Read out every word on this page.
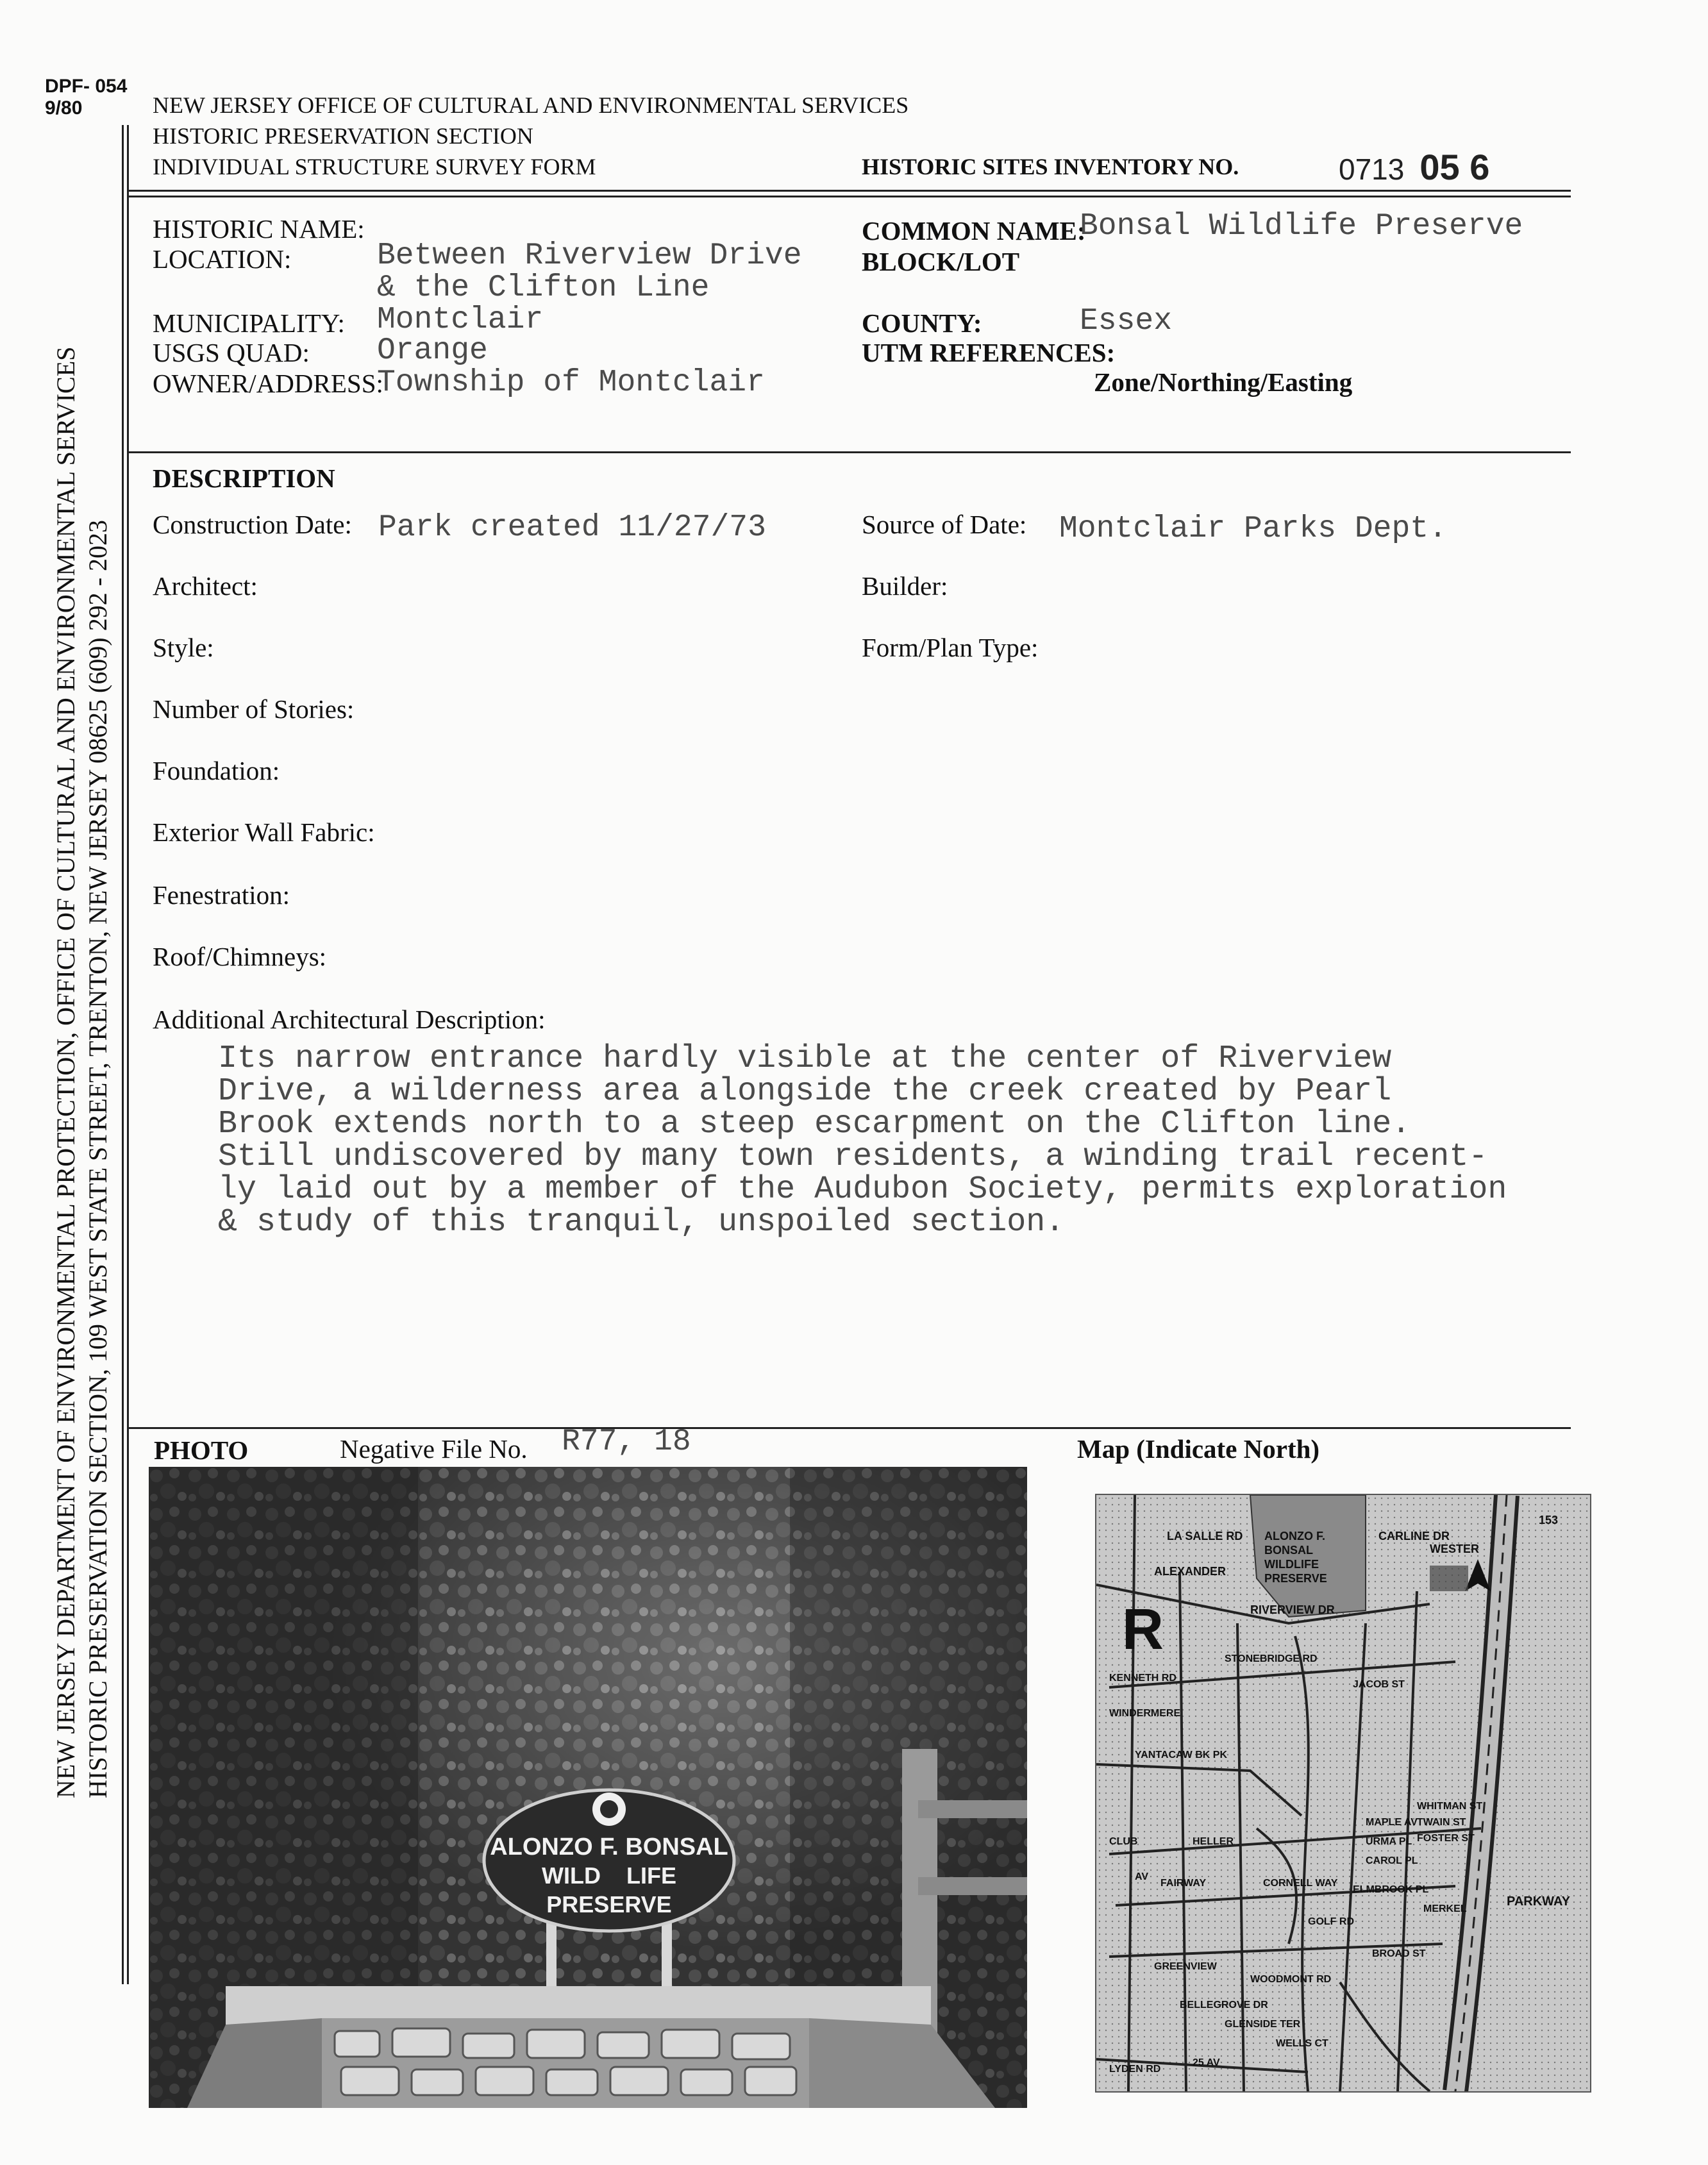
DPF- 054
9/80
NEW JERSEY DEPARTMENT OF ENVIRONMENTAL PROTECTION, OFFICE OF CULTURAL AND ENVIRONMENTAL SERVICES HISTORIC PRESERVATION SECTION, 109 WEST STATE STREET, TRENTON, NEW JERSEY 08625 (609) 292 - 2023
NEW JERSEY OFFICE OF CULTURAL AND ENVIRONMENTAL SERVICES
HISTORIC PRESERVATION SECTION
INDIVIDUAL STRUCTURE SURVEY FORM	HISTORIC SITES INVENTORY NO.	0713 05 6
HISTORIC NAME:
LOCATION:	Between Riverview Drive
& the Clifton Line
MUNICIPALITY: Montclair
USGS QUAD: Orange
OWNER/ADDRESS:
Township of Montclair
COMMON NAME:
Bonsal Wildlife Preserve
BLOCK/LOT
COUNTY:	Essex
UTM REFERENCES:
Zone/Northing/Easting
DESCRIPTION
Construction Date: Park created 11/27/73	Source of Date: Montclair Parks Dept.
Architect:	Builder:
Style:	Form/Plan Type:
Number of Stories:
Foundation:
Exterior Wall Fabric:
Fenestration:
Roof/Chimneys:
Additional Architectural Description:

Its narrow entrance hardly visible at the center of Riverview

Drive, a wilderness area alongside the creek created by Pearl

Brook extends north to a steep escarpment on the Clifton line.

Still undiscovered by many town residents, a winding trail recent-

ly laid out by a member of the Audubon Society, permits exploration

& study of this tranquil, unspoiled section.

PHOTO	Negative File No. R77, 18
ALONZO F. BONSAL
WILD    LIFE
PRESERVE
Map (Indicate North)
ALONZO F.
BONSAL
WILDLIFE
PRESERVE
R
LA SALLE RD
ALEXANDER
RIVERVIEW DR
CARLINE DR
WESTER
KENNETH RD
WINDERMERE
YANTACAW BK PK
HELLER
CLUB
FAIRWAY
GREENVIEW
BELLEGROVE DR
GLENSIDE TER
WOODMONT RD
GOLF RD
WELLS CT
CORNELL WAY
STONEBRIDGE RD
MAPLE AV
URMA PL
CAROL PL
ELMBROOK PL
BROAD ST
WHITMAN ST
TWAIN ST
FOSTER ST
MERKEL
PARKWAY
JACOB ST
AV
25 AV
LYDEN RD
153
